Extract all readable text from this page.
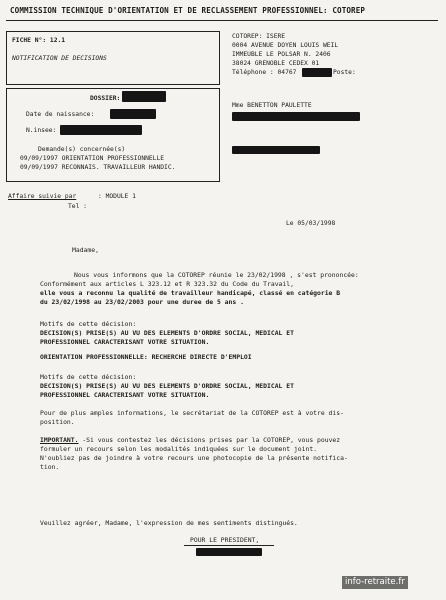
COMMISSION TECHNIQUE D'ORIENTATION ET DE RECLASSEMENT PROFESSIONNEL: COTOREP
FICHE N°: 12.1
NOTIFICATION DE DECISIONS
COTOREP: ISERE
0004 AVENUE DOYEN LOUIS WEIL
IMMEUBLE LE POLSAR N. 2406
38024 GRENOBLE CEDEX 01
Téléphone : 04767	Poste:
DOSSIER:
Date de naissance:
N.insee:
Demande(s) concernée(s)
09/09/1997 ORIENTATION PROFESSIONNELLE
09/09/1997 RECONNAIS. TRAVAILLEUR HANDIC.
Mme BENETTON PAULETTE
Affaire suivie par	: MODULE 1
Tel :
Le 05/03/1998
Madame,
Nous vous informons que la COTOREP réunie le 23/02/1998 , s'est prononcée:
Conformément aux articles L 323.12 et R 323.32 du Code du Travail,
elle vous a reconnu la qualité de travailleur handicapé, classé en catégorie B
du 23/02/1998 au 23/02/2003 pour une duree de 5 ans .
Motifs de cette décision:
DECISION(S) PRISE(S) AU VU DES ELEMENTS D'ORDRE SOCIAL, MEDICAL ET
PROFESSIONNEL CARACTERISANT VOTRE SITUATION.
ORIENTATION PROFESSIONNELLE: RECHERCHE DIRECTE D'EMPLOI
Motifs de cette décision:
DECISION(S) PRISE(S) AU VU DES ELEMENTS D'ORDRE SOCIAL, MEDICAL ET
PROFESSIONNEL CARACTERISANT VOTRE SITUATION.
Pour de plus amples informations, le secrétariat de la COTOREP est à votre dis-
position.
IMPORTANT. -Si vous contestez les décisions prises par la COTOREP, vous pouvez
formuler un recours selon les modalités indiquées sur le document joint.
N'oubliez pas de joindre à votre recours une photocopie de la présente notifica-
tion.
Veuillez agréer, Madame, l'expression de mes sentiments distingués.
POUR LE PRESIDENT,
info-retraite.fr
